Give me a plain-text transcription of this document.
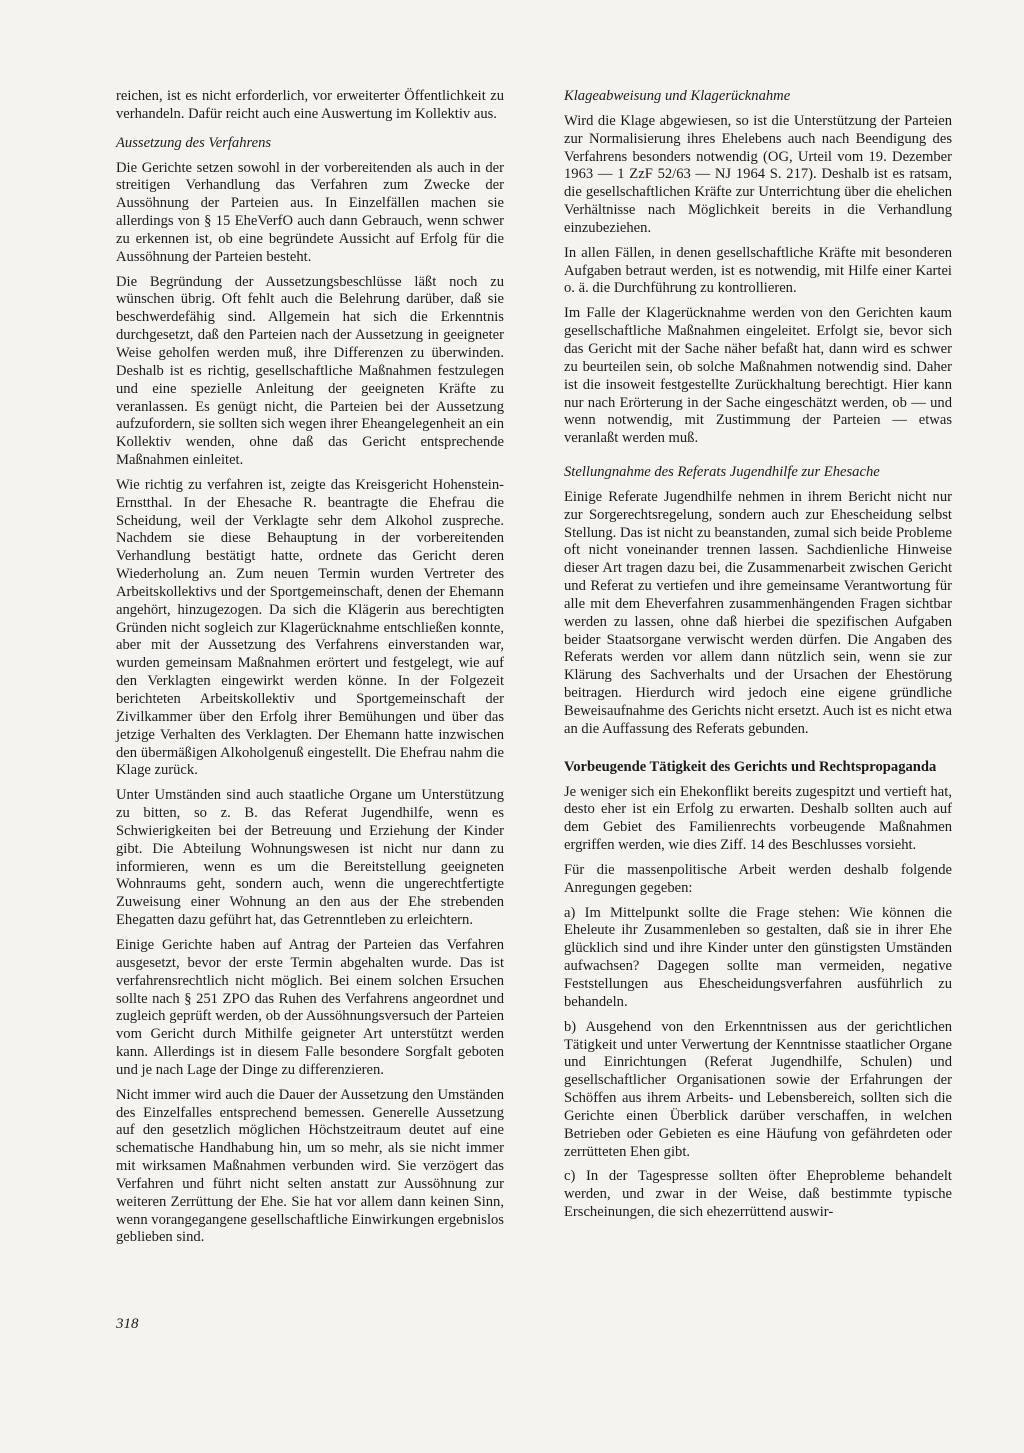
reichen, ist es nicht erforderlich, vor erweiterter Öffentlichkeit zu verhandeln. Dafür reicht auch eine Auswertung im Kollektiv aus.

Aussetzung des Verfahrens

Die Gerichte setzen sowohl in der vorbereitenden als auch in der streitigen Verhandlung das Verfahren zum Zwecke der Aussöhnung der Parteien aus. In Einzelfällen machen sie allerdings von § 15 EheVerfO auch dann Gebrauch, wenn schwer zu erkennen ist, ob eine begründete Aussicht auf Erfolg für die Aussöhnung der Parteien besteht.

Die Begründung der Aussetzungsbeschlüsse läßt noch zu wünschen übrig. Oft fehlt auch die Belehrung darüber, daß sie beschwerdefähig sind. Allgemein hat sich die Erkenntnis durchgesetzt, daß den Parteien nach der Aussetzung in geeigneter Weise geholfen werden muß, ihre Differenzen zu überwinden. Deshalb ist es richtig, gesellschaftliche Maßnahmen festzulegen und eine spezielle Anleitung der geeigneten Kräfte zu veranlassen. Es genügt nicht, die Parteien bei der Aussetzung aufzufordern, sie sollten sich wegen ihrer Eheangelegenheit an ein Kollektiv wenden, ohne daß das Gericht entsprechende Maßnahmen einleitet.

Wie richtig zu verfahren ist, zeigte das Kreisgericht Hohenstein-Ernstthal. In der Ehesache R. beantragte die Ehefrau die Scheidung, weil der Verklagte sehr dem Alkohol zuspreche. Nachdem sie diese Behauptung in der vorbereitenden Verhandlung bestätigt hatte, ordnete das Gericht deren Wiederholung an. Zum neuen Termin wurden Vertreter des Arbeitskollektivs und der Sportgemeinschaft, denen der Ehemann angehört, hinzugezogen. Da sich die Klägerin aus berechtigten Gründen nicht sogleich zur Klagerücknahme entschließen konnte, aber mit der Aussetzung des Verfahrens einverstanden war, wurden gemeinsam Maßnahmen erörtert und festgelegt, wie auf den Verklagten eingewirkt werden könne. In der Folgezeit berichteten Arbeitskollektiv und Sportgemeinschaft der Zivilkammer über den Erfolg ihrer Bemühungen und über das jetzige Verhalten des Verklagten. Der Ehemann hatte inzwischen den übermäßigen Alkoholgenuß eingestellt. Die Ehefrau nahm die Klage zurück.

Unter Umständen sind auch staatliche Organe um Unterstützung zu bitten, so z. B. das Referat Jugendhilfe, wenn es Schwierigkeiten bei der Betreuung und Erziehung der Kinder gibt. Die Abteilung Wohnungswesen ist nicht nur dann zu informieren, wenn es um die Bereitstellung geeigneten Wohnraums geht, sondern auch, wenn die ungerechtfertigte Zuweisung einer Wohnung an den aus der Ehe strebenden Ehegatten dazu geführt hat, das Getrenntleben zu erleichtern.

Einige Gerichte haben auf Antrag der Parteien das Verfahren ausgesetzt, bevor der erste Termin abgehalten wurde. Das ist verfahrensrechtlich nicht möglich. Bei einem solchen Ersuchen sollte nach § 251 ZPO das Ruhen des Verfahrens angeordnet und zugleich geprüft werden, ob der Aussöhnungsversuch der Parteien vom Gericht durch Mithilfe geigneter Art unterstützt werden kann. Allerdings ist in diesem Falle besondere Sorgfalt geboten und je nach Lage der Dinge zu differenzieren.

Nicht immer wird auch die Dauer der Aussetzung den Umständen des Einzelfalles entsprechend bemessen. Generelle Aussetzung auf den gesetzlich möglichen Höchstzeitraum deutet auf eine schematische Handhabung hin, um so mehr, als sie nicht immer mit wirksamen Maßnahmen verbunden wird. Sie verzögert das Verfahren und führt nicht selten anstatt zur Aussöhnung zur weiteren Zerrüttung der Ehe. Sie hat vor allem dann keinen Sinn, wenn vorangegangene gesellschaftliche Einwirkungen ergebnislos geblieben sind.

Klageabweisung und Klagerücknahme

Wird die Klage abgewiesen, so ist die Unterstützung der Parteien zur Normalisierung ihres Ehelebens auch nach Beendigung des Verfahrens besonders notwendig (OG, Urteil vom 19. Dezember 1963 — 1 ZzF 52/63 — NJ 1964 S. 217). Deshalb ist es ratsam, die gesellschaftlichen Kräfte zur Unterrichtung über die ehelichen Verhältnisse nach Möglichkeit bereits in die Verhandlung einzubeziehen.

In allen Fällen, in denen gesellschaftliche Kräfte mit besonderen Aufgaben betraut werden, ist es notwendig, mit Hilfe einer Kartei o. ä. die Durchführung zu kontrollieren.

Im Falle der Klagerücknahme werden von den Gerichten kaum gesellschaftliche Maßnahmen eingeleitet. Erfolgt sie, bevor sich das Gericht mit der Sache näher befaßt hat, dann wird es schwer zu beurteilen sein, ob solche Maßnahmen notwendig sind. Daher ist die insoweit festgestellte Zurückhaltung berechtigt. Hier kann nur nach Erörterung in der Sache eingeschätzt werden, ob — und wenn notwendig, mit Zustimmung der Parteien — etwas veranlaßt werden muß.

Stellungnahme des Referats Jugendhilfe zur Ehesache

Einige Referate Jugendhilfe nehmen in ihrem Bericht nicht nur zur Sorgerechtsregelung, sondern auch zur Ehescheidung selbst Stellung. Das ist nicht zu beanstanden, zumal sich beide Probleme oft nicht voneinander trennen lassen. Sachdienliche Hinweise dieser Art tragen dazu bei, die Zusammenarbeit zwischen Gericht und Referat zu vertiefen und ihre gemeinsame Verantwortung für alle mit dem Eheverfahren zusammenhängenden Fragen sichtbar werden zu lassen, ohne daß hierbei die spezifischen Aufgaben beider Staatsorgane verwischt werden dürfen. Die Angaben des Referats werden vor allem dann nützlich sein, wenn sie zur Klärung des Sachverhalts und der Ursachen der Ehestörung beitragen. Hierdurch wird jedoch eine eigene gründliche Beweisaufnahme des Gerichts nicht ersetzt. Auch ist es nicht etwa an die Auffassung des Referats gebunden.

Vorbeugende Tätigkeit des Gerichts und Rechtspropaganda

Je weniger sich ein Ehekonflikt bereits zugespitzt und vertieft hat, desto eher ist ein Erfolg zu erwarten. Deshalb sollten auch auf dem Gebiet des Familienrechts vorbeugende Maßnahmen ergriffen werden, wie dies Ziff. 14 des Beschlusses vorsieht.

Für die massenpolitische Arbeit werden deshalb folgende Anregungen gegeben:

a) Im Mittelpunkt sollte die Frage stehen: Wie können die Eheleute ihr Zusammenleben so gestalten, daß sie in ihrer Ehe glücklich sind und ihre Kinder unter den günstigsten Umständen aufwachsen? Dagegen sollte man vermeiden, negative Feststellungen aus Ehescheidungsverfahren ausführlich zu behandeln.

b) Ausgehend von den Erkenntnissen aus der gerichtlichen Tätigkeit und unter Verwertung der Kenntnisse staatlicher Organe und Einrichtungen (Referat Jugendhilfe, Schulen) und gesellschaftlicher Organisationen sowie der Erfahrungen der Schöffen aus ihrem Arbeits- und Lebensbereich, sollten sich die Gerichte einen Überblick darüber verschaffen, in welchen Betrieben oder Gebieten es eine Häufung von gefährdeten oder zerrütteten Ehen gibt.

c) In der Tagespresse sollten öfter Eheprobleme behandelt werden, und zwar in der Weise, daß bestimmte typische Erscheinungen, die sich ehezerrüttend auswir-

318
